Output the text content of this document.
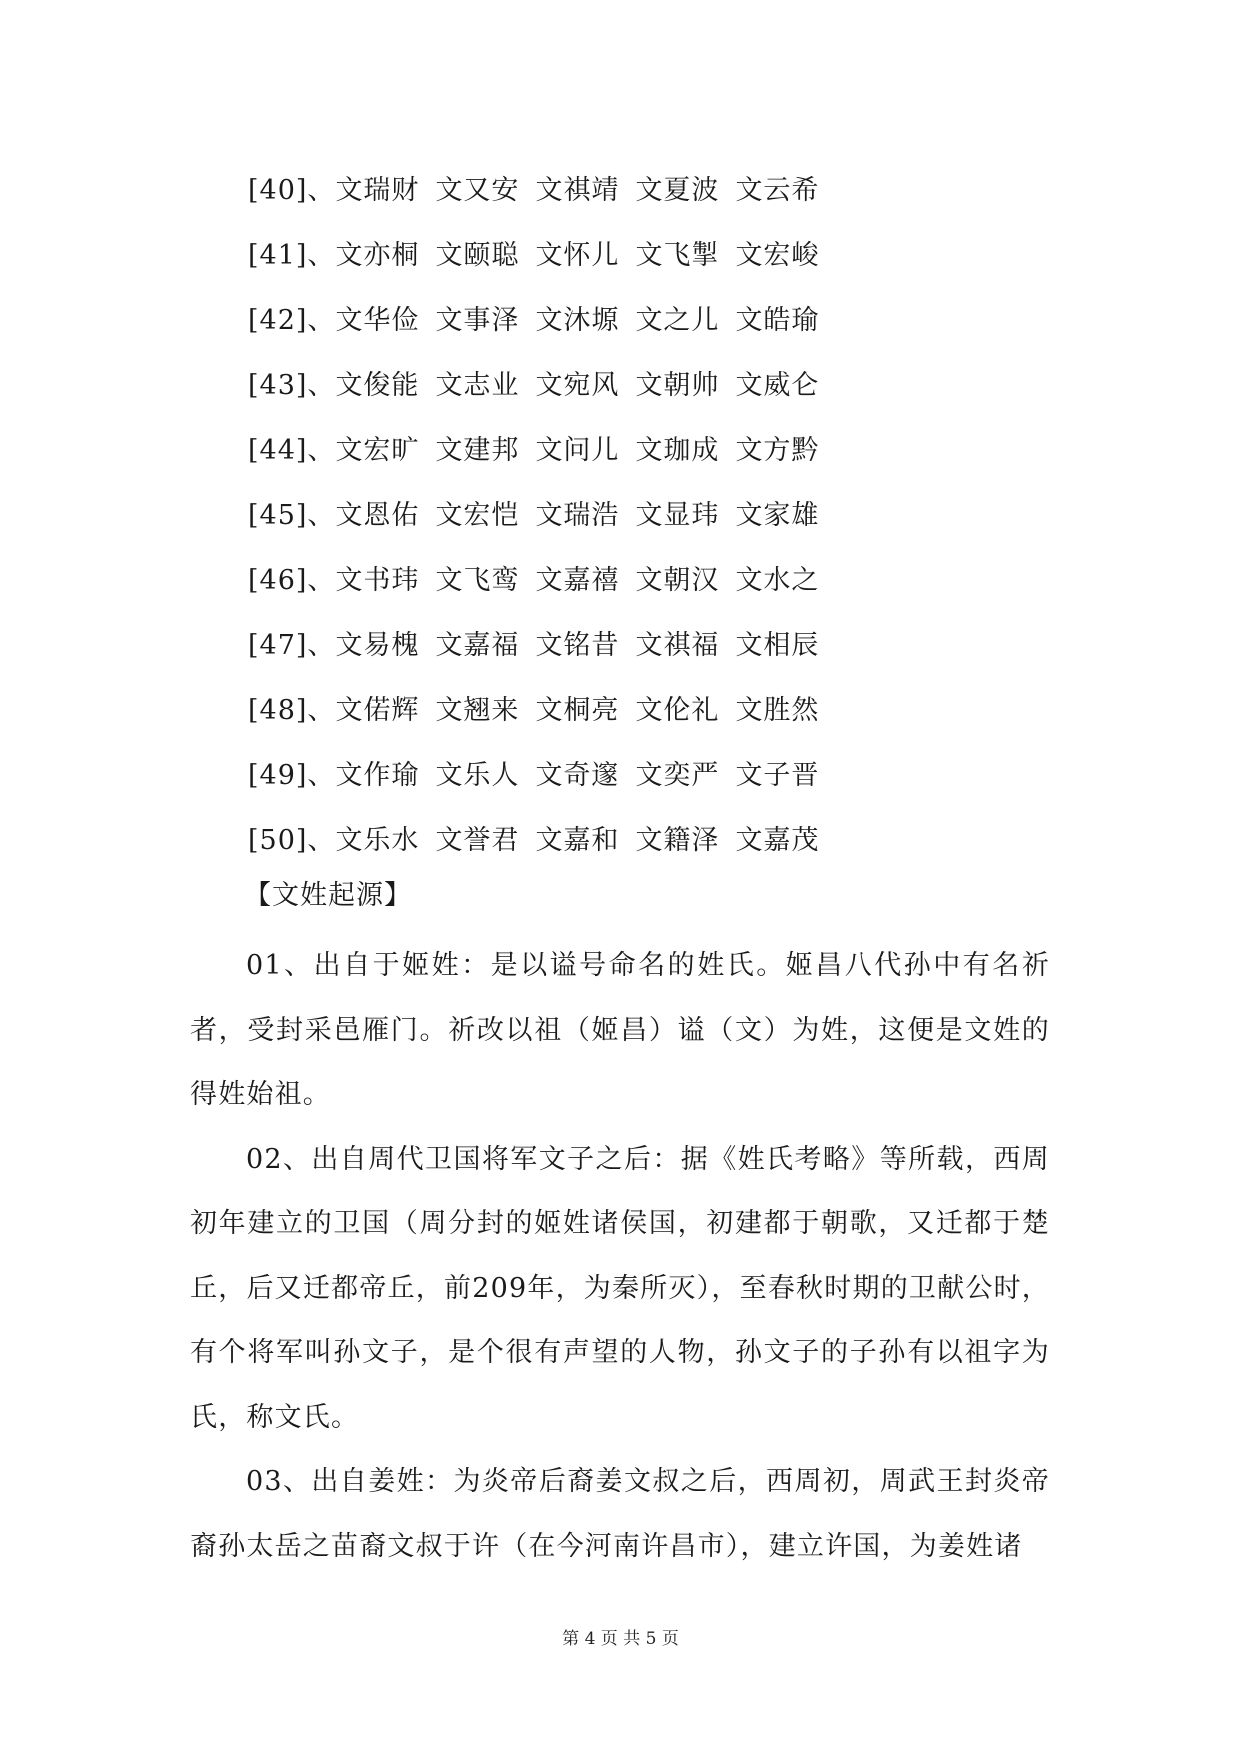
[40]、文瑞财 文又安 文祺靖 文夏波 文云希
[41]、文亦桐 文颐聪 文怀儿 文飞掣 文宏峻
[42]、文华俭 文事泽 文沐塬 文之儿 文皓瑜
[43]、文俊能 文志业 文宛风 文朝帅 文威仑
[44]、文宏旷 文建邦 文问儿 文珈成 文方黔
[45]、文恩佑 文宏恺 文瑞浩 文显玮 文家雄
[46]、文书玮 文飞鸾 文嘉禧 文朝汉 文水之
[47]、文易槐 文嘉福 文铭昔 文祺福 文相辰
[48]、文偌辉 文翘来 文桐亮 文伦礼 文胜然
[49]、文作瑜 文乐人 文奇邃 文奕严 文子晋
[50]、文乐水 文誉君 文嘉和 文籍泽 文嘉茂
【文姓起源】

01、出自于姬姓：是以谥号命名的姓氏。姬昌八代孙中有名祈者，受封采邑雁门。祈改以祖（姬昌）谥（文）为姓，这便是文姓的得姓始祖。

02、出自周代卫国将军文子之后：据《姓氏考略》等所载，西周初年建立的卫国（周分封的姬姓诸侯国，初建都于朝歌，又迁都于楚丘，后又迁都帝丘，前209年，为秦所灭），至春秋时期的卫献公时，有个将军叫孙文子，是个很有声望的人物，孙文子的子孙有以祖字为氏，称文氏。

03、出自姜姓：为炎帝后裔姜文叔之后，西周初，周武王封炎帝裔孙太岳之苗裔文叔于许（在今河南许昌市），建立许国，为姜姓诸

第 4 页 共 5 页
